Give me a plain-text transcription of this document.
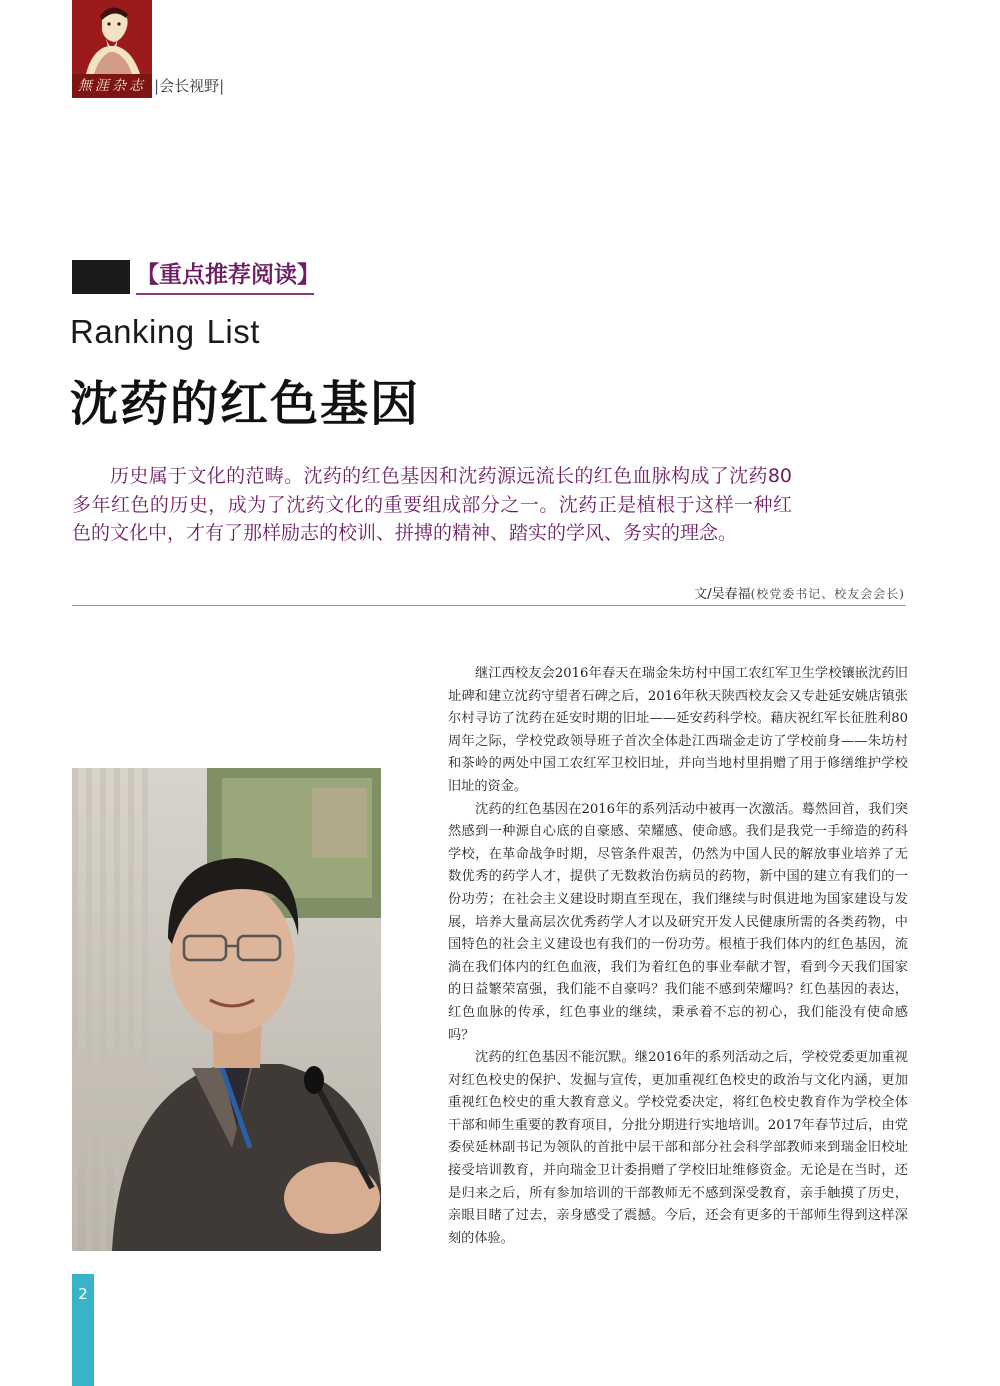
無涯杂志 |会长视野|
【重点推荐阅读】
Ranking List
沈药的红色基因

历史属于文化的范畴。沈药的红色基因和沈药源远流长的红色血脉构成了沈药80多年红色的历史，成为了沈药文化的重要组成部分之一。沈药正是植根于这样一种红色的文化中，才有了那样励志的校训、拼搏的精神、踏实的学风、务实的理念。

文/吴春福(校党委书记、校友会会长)

继江西校友会2016年春天在瑞金朱坊村中国工农红军卫生学校镶嵌沈药旧址碑和建立沈药守望者石碑之后，2016年秋天陕西校友会又专赴延安姚店镇张尔村寻访了沈药在延安时期的旧址——延安药科学校。藉庆祝红军长征胜利80周年之际，学校党政领导班子首次全体赴江西瑞金走访了学校前身——朱坊村和茶岭的两处中国工农红军卫校旧址，并向当地村里捐赠了用于修缮维护学校旧址的资金。

沈药的红色基因在2016年的系列活动中被再一次激活。蓦然回首，我们突然感到一种源自心底的自豪感、荣耀感、使命感。我们是我党一手缔造的药科学校，在革命战争时期，尽管条件艰苦，仍然为中国人民的解放事业培养了无数优秀的药学人才，提供了无数救治伤病员的药物，新中国的建立有我们的一份功劳；在社会主义建设时期直至现在，我们继续与时俱进地为国家建设与发展，培养大量高层次优秀药学人才以及研究开发人民健康所需的各类药物，中国特色的社会主义建设也有我们的一份功劳。根植于我们体内的红色基因，流淌在我们体内的红色血液，我们为着红色的事业奉献才智，看到今天我们国家的日益繁荣富强，我们能不自豪吗？我们能不感到荣耀吗？红色基因的表达，红色血脉的传承，红色事业的继续，秉承着不忘的初心，我们能没有使命感吗？

沈药的红色基因不能沉默。继2016年的系列活动之后，学校党委更加重视对红色校史的保护、发掘与宣传，更加重视红色校史的政治与文化内涵，更加重视红色校史的重大教育意义。学校党委决定，将红色校史教育作为学校全体干部和师生重要的教育项目，分批分期进行实地培训。2017年春节过后，由党委侯延林副书记为领队的首批中层干部和部分社会科学部教师来到瑞金旧校址接受培训教育，并向瑞金卫计委捐赠了学校旧址维修资金。无论是在当时，还是归来之后，所有参加培训的干部教师无不感到深受教育，亲手触摸了历史，亲眼目睹了过去，亲身感受了震撼。今后，还会有更多的干部师生得到这样深刻的体验。

2
